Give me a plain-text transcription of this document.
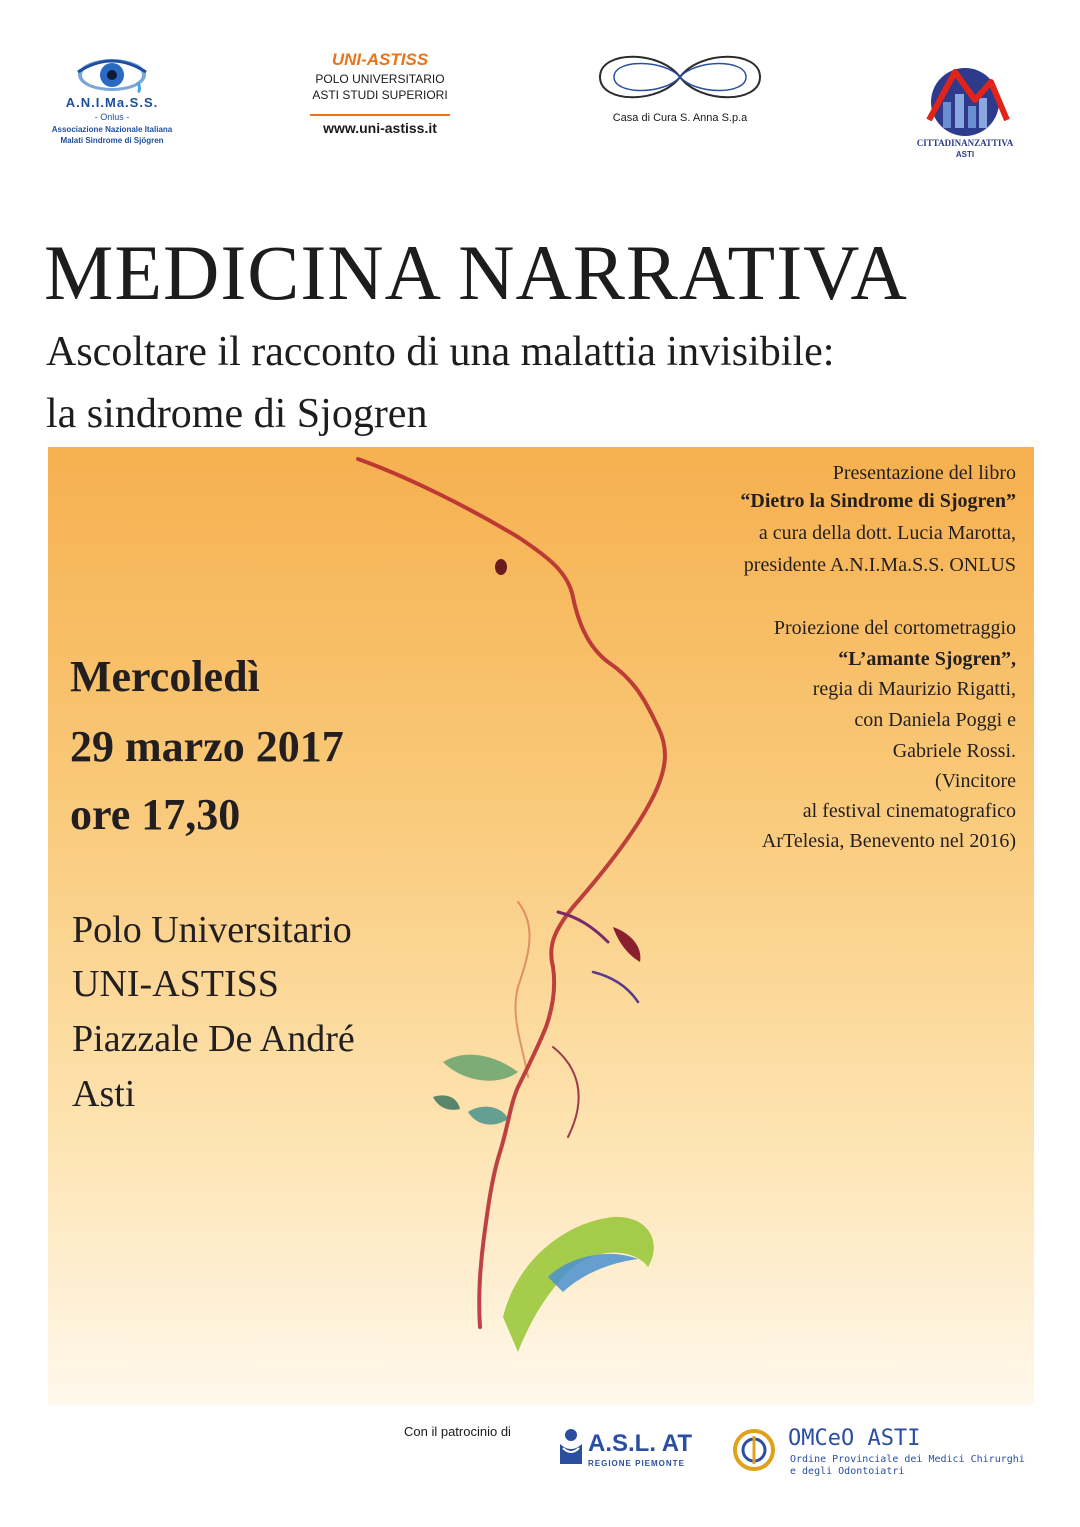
A.N.I.Ma.S.S.
- Onlus -
Associazione Nazionale Italiana
Malati Sindrome di Sjögren
UNI-ASTISS
POLO UNIVERSITARIO
ASTI STUDI SUPERIORI
www.uni-astiss.it
Casa di Cura S. Anna S.p.a
CITTADINANZATTIVA
ASTI
MEDICINA NARRATIVA
Ascoltare il racconto di una malattia invisibile:
la sindrome di Sjogren
Presentazione del libro
“Dietro la Sindrome di Sjogren”
a cura della dott. Lucia Marotta,
presidente A.N.I.Ma.S.S. ONLUS
Proiezione del cortometraggio
“L’amante Sjogren”,
regia di Maurizio Rigatti,
con Daniela Poggi e
Gabriele Rossi.
(Vincitore
al festival cinematografico
ArTelesia, Benevento nel 2016)
Mercoledì
29 marzo 2017
ore 17,30
Polo Universitario
UNI-ASTISS
Piazzale De André
Asti
Con il patrocinio di	A.S.L. AT
REGIONE PIEMONTE
OMCeO ASTI
Ordine Provinciale dei Medici Chirurghi
e degli Odontoiatri
